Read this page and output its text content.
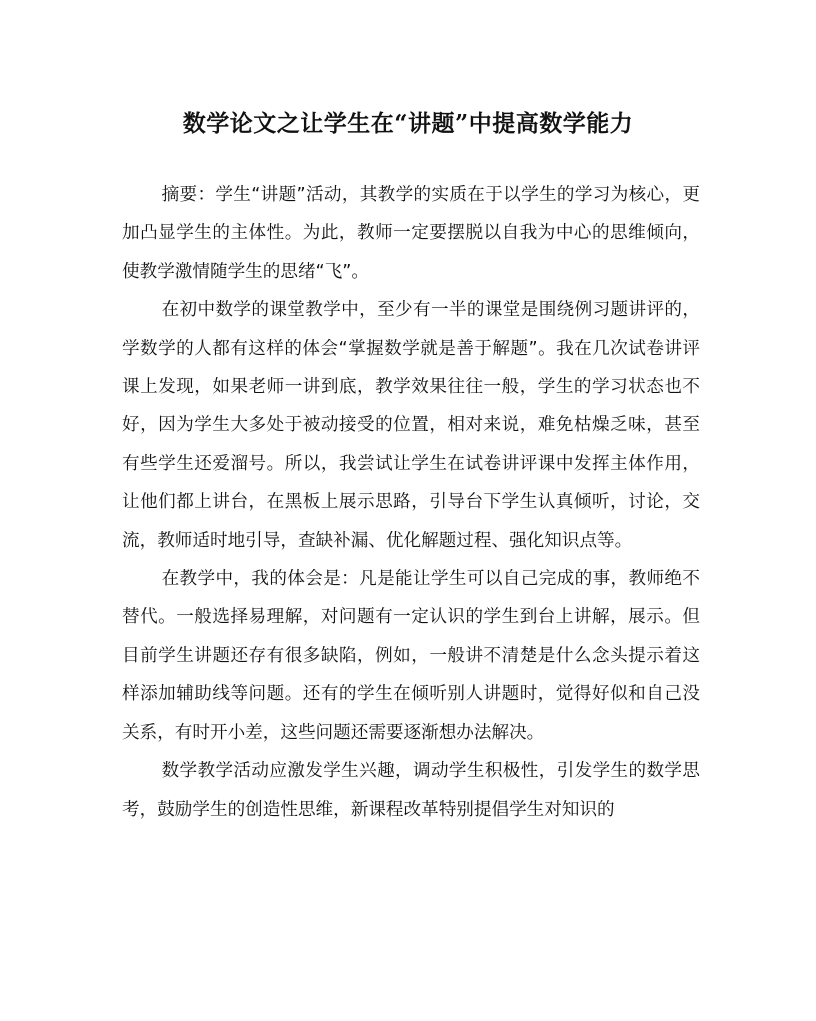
数学论文之让学生在“讲题”中提高数学能力

摘要：学生“讲题”活动，其教学的实质在于以学生的学习为核心，更加凸显学生的主体性。为此，教师一定要摆脱以自我为中心的思维倾向，使教学激情随学生的思绪“飞”。

在初中数学的课堂教学中，至少有一半的课堂是围绕例习题讲评的，学数学的人都有这样的体会“掌握数学就是善于解题”。我在几次试卷讲评课上发现，如果老师一讲到底，教学效果往往一般，学生的学习状态也不好，因为学生大多处于被动接受的位置，相对来说，难免枯燥乏味，甚至有些学生还爱溜号。所以，我尝试让学生在试卷讲评课中发挥主体作用，让他们都上讲台，在黑板上展示思路，引导台下学生认真倾听，讨论，交流，教师适时地引导，查缺补漏、优化解题过程、强化知识点等。

在教学中，我的体会是：凡是能让学生可以自己完成的事，教师绝不替代。一般选择易理解，对问题有一定认识的学生到台上讲解，展示。但目前学生讲题还存有很多缺陷，例如，一般讲不清楚是什么念头提示着这样添加辅助线等问题。还有的学生在倾听别人讲题时，觉得好似和自己没关系，有时开小差，这些问题还需要逐渐想办法解决。

数学教学活动应激发学生兴趣，调动学生积极性，引发学生的数学思考，鼓励学生的创造性思维，新课程改革特别提倡学生对知识的
